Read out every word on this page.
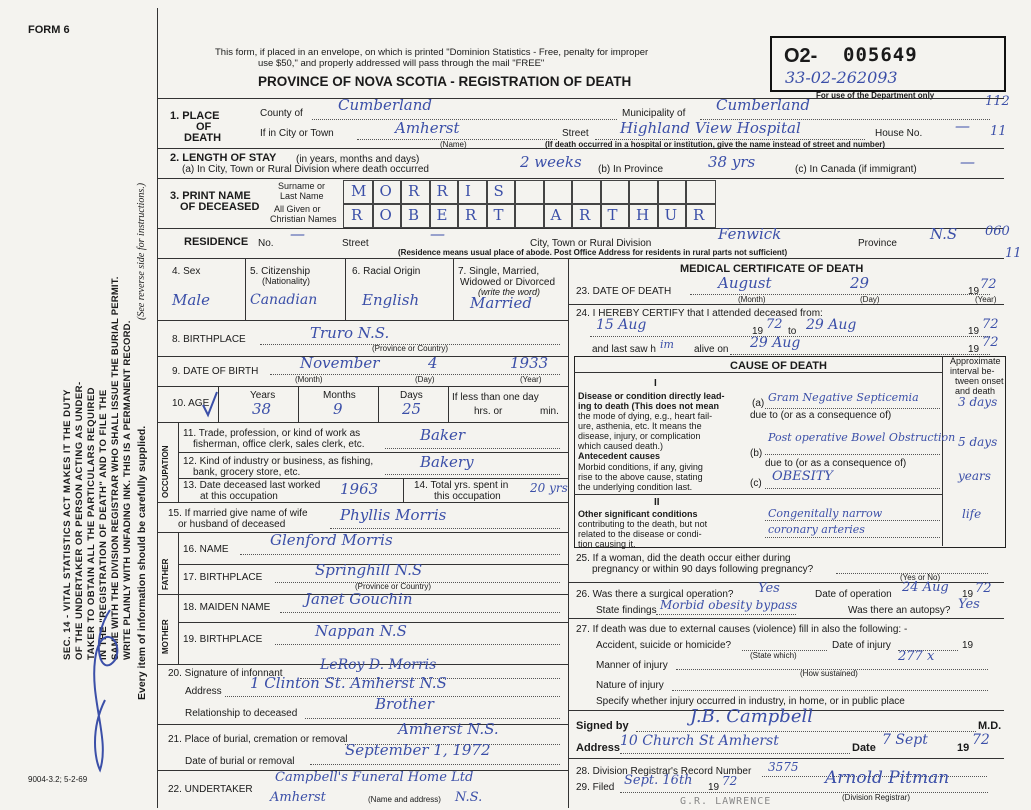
FORM 6
This form, if placed in an envelope, on which is printed "Dominion Statistics - Free, penalty for improper
use $50," and properly addressed will pass through the mail "FREE"
PROVINCE OF NOVA SCOTIA - REGISTRATION OF DEATH
O2- 005649
33-02-262093
For use of the Department only	112
SEC. 14 - VITAL STATISTICS ACT MAKES IT THE DUTY OF THE UNDERTAKER OR PERSON ACTING AS UNDER- TAKER TO OBTAIN ALL THE PARTICULARS REQUIRED IN THE "REGISTRATION OF DEATH" AND TO FILE THE SAME WITH THE DIVISION REGISTRAR WHO SHALL ISSUE THE BURIAL PERMIT. WRITE PLAINLY WITH UNFADING INK. THIS IS A PERMANENT RECORD. Every item of information should be carefully supplied.
(See reverse side for instructions.)
9004-3.2; 5-2-69
1. PLACE
OF
DEATH
County of Cumberland	Municipality of Cumberland
If in City or Town	Amherst
(Name)
Street Highland View Hospital	House No. — 11
(If death occurred in a hospital or institution, give the name instead of street and number)
2. LENGTH OF STAY (in years, months and days)
(a) In City, Town or Rural Division where death occurred	2 weeks (b) In Province	38 yrs	(c) In Canada (if immigrant)	—
3. PRINT NAME
OF DECEASED
Surname or
Last Name
All Given or
Christian Names
M O R R I S
R O B E R T	A R T H U R
RESIDENCE No.
—
Street
—
City, Town or Rural Division
Fenwick
Province
N.S 060
11
(Residence means usual place of abode. Post Office Address for residents in rural parts not sufficient)
4. Sex
Male
5. Citizenship
(Nationality)
Canadian
6. Racial Origin
English
7. Single, Married,
Widowed or Divorced
(write the word)
Married
8. BIRTHPLACE	Truro N.S.
(Province or Country)
9. DATE OF BIRTH	November	4	1933
(Month)	(Day)	(Year)
10. AGE
Years	Months	Days
38	9	25
If less than one day
hrs. or	min.
OCCUPATION
11. Trade, profession, or kind of work as
fisherman, office clerk, sales clerk, etc.
Baker
12. Kind of industry or business, as fishing,
bank, grocery store, etc.
Bakery
13. Date deceased last worked
at this occupation	1963	14. Total yrs. spent in
this occupation
20 yrs
15. If married give name of wife
or husband of deceased
Phyllis Morris
FATHER
16. NAME
Glenford Morris
17. BIRTHPLACE	Springhill N.S
(Province or Country)
MOTHER
18. MAIDEN NAME Janet Gouchin
19. BIRTHPLACE	Nappan N.S
20. Signature of infonnant
LeRoy D. Morris
Address 1 Clinton St. Amherst N.S
Relationship to deceased
Brother
21. Place of burial, cremation or removal
Amherst N.S.
Date of burial or removal
September 1, 1972
22. UNDERTAKER
Campbell's Funeral Home Ltd
Amherst	(Name and address) N.S.
MEDICAL CERTIFICATE OF DEATH
23. DATE OF DEATH	August	29	19 72
(Month)	(Day)	(Year)
24. I HEREBY CERTIFY that I attended deceased from:
15 Aug	19 72 to 29 Aug	19 72
and last saw h im alive on 29 Aug	19 72
CAUSE OF DEATH	Approximate
interval be-
tween onset
and death
I
Disease or condition directly lead-
ing to death (This does not mean
the mode of dying, e.g., heart fail-
ure, asthenia, etc. It means the
disease, injury, or complication
which caused death.)
(a) Gram Negative Septicemia	3 days
due to (or as a consequence of)
Antecedent causes
Morbid conditions, if any, giving
rise to the above cause, stating
the underlying condition last.
(b)
Post operative Bowel Obstruction 5 days
due to (or as a consequence of)
(c) OBESITY	years
II
Other significant conditions
contributing to the death, but not
related to the disease or condi-
tion causing it.
Congenitally narrow
coronary arteries
life
25. If a woman, did the death occur either during
pregnancy or within 90 days following pregnancy?
(Yes or No)
26. Was there a surgical operation? Yes	Date of operation 24 Aug 19 72
State findings Morbid obesity bypass	Was there an autopsy? Yes
27. If death was due to external causes (violence) fill in also the following: -
Accident, suicide or homicide?	Date of injury	19
(State which)
Manner of injury
277 x
(How sustained)
Nature of injury
Specify whether injury occurred in industry, in home, or in public place
Signed by	J.B. Campbell	M.D.
Address 10 Church St Amherst	Date 7 Sept	19 72
28. Division Registrar's Record Number 3575
29. Filed Sept. 16th 19 72	Arnold Pitman
(Division Registrar)
G.R. LAWRENCE
